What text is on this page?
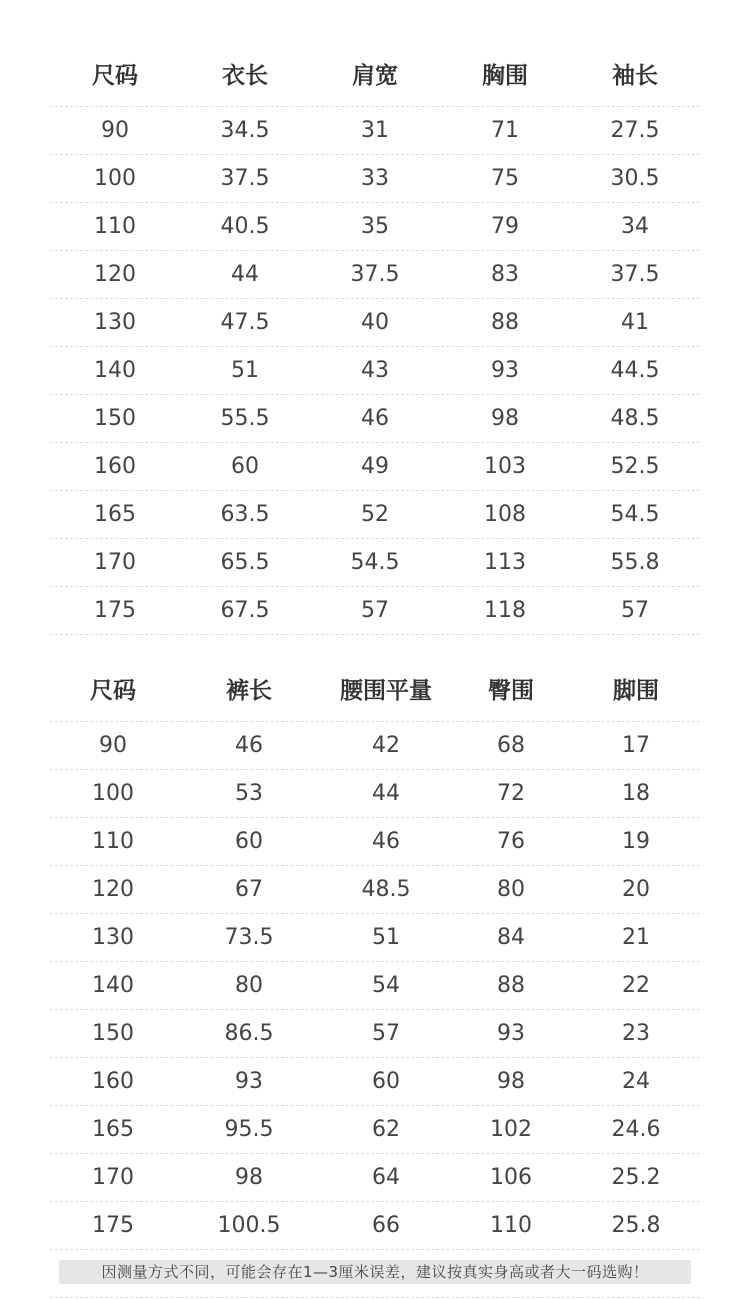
尺码	衣长	肩宽	胸围	袖长
90	34.5	31	71	27.5
100	37.5	33	75	30.5
110	40.5	35	79	34
120	44	37.5	83	37.5
130	47.5	40	88	41
140	51	43	93	44.5
150	55.5	46	98	48.5
160	60	49	103	52.5
165	63.5	52	108	54.5
170	65.5	54.5	113	55.8
175	67.5	57	118	57
尺码	裤长	腰围平量	臀围	脚围
90	46	42	68	17
100	53	44	72	18
110	60	46	76	19
120	67	48.5	80	20
130	73.5	51	84	21
140	80	54	88	22
150	86.5	57	93	23
160	93	60	98	24
165	95.5	62	102	24.6
170	98	64	106	25.2
175	100.5	66	110	25.8
因测量方式不同，可能会存在1—3厘米误差，建议按真实身高或者大一码选购！
